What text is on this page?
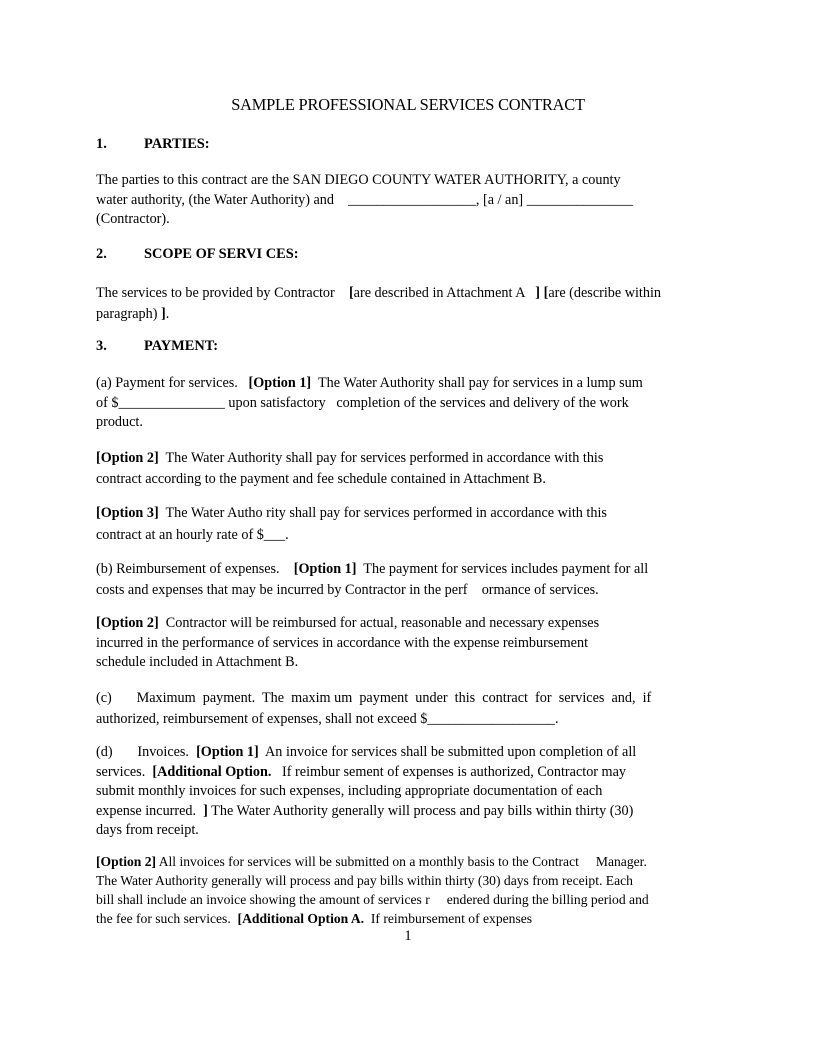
SAMPLE PROFESSIONAL SERVICES CONTRACT
1.	PARTIES:
The parties to this contract are the SAN DIEGO COUNTY WATER AUTHORITY, a county
water authority, (the Water Authority) and    __________________, [a / an] _______________
(Contractor).
2.	SCOPE OF SERVI CES:
The services to be provided by Contractor    [are described in Attachment A   ] [are (describe within
paragraph) ].
3.	PAYMENT:
(a) Payment for services.   [Option 1]  The Water Authority shall pay for services in a lump sum
of $_______________ upon satisfactory   completion of the services and delivery of the work
product.
[Option 2]  The Water Authority shall pay for services performed in accordance with this
contract according to the payment and fee schedule contained in Attachment B.
[Option 3]  The Water Autho rity shall pay for services performed in accordance with this
contract at an hourly rate of $___.
(b) Reimbursement of expenses.    [Option 1]  The payment for services includes payment for all
costs and expenses that may be incurred by Contractor in the perf    ormance of services.
[Option 2]  Contractor will be reimbursed for actual, reasonable and necessary expenses
incurred in the performance of services in accordance with the expense reimbursement
schedule included in Attachment B.
(c)       Maximum  payment.  The  maxim um  payment  under  this  contract  for  services  and,  if
authorized, reimbursement of expenses, shall not exceed $__________________.
(d)       Invoices.  [Option 1]  An invoice for services shall be submitted upon completion of all
services.  [Additional Option.   If reimbur sement of expenses is authorized, Contractor may
submit monthly invoices for such expenses, including appropriate documentation of each
expense incurred.  ] The Water Authority generally will process and pay bills within thirty (30)
days from receipt.
[Option 2] All invoices for services will be submitted on a monthly basis to the Contract     Manager.
The Water Authority generally will process and pay bills within thirty (30) days from receipt. Each
bill shall include an invoice showing the amount of services r     endered during the billing period and
the fee for such services.  [Additional Option A.  If reimbursement of expenses
1
